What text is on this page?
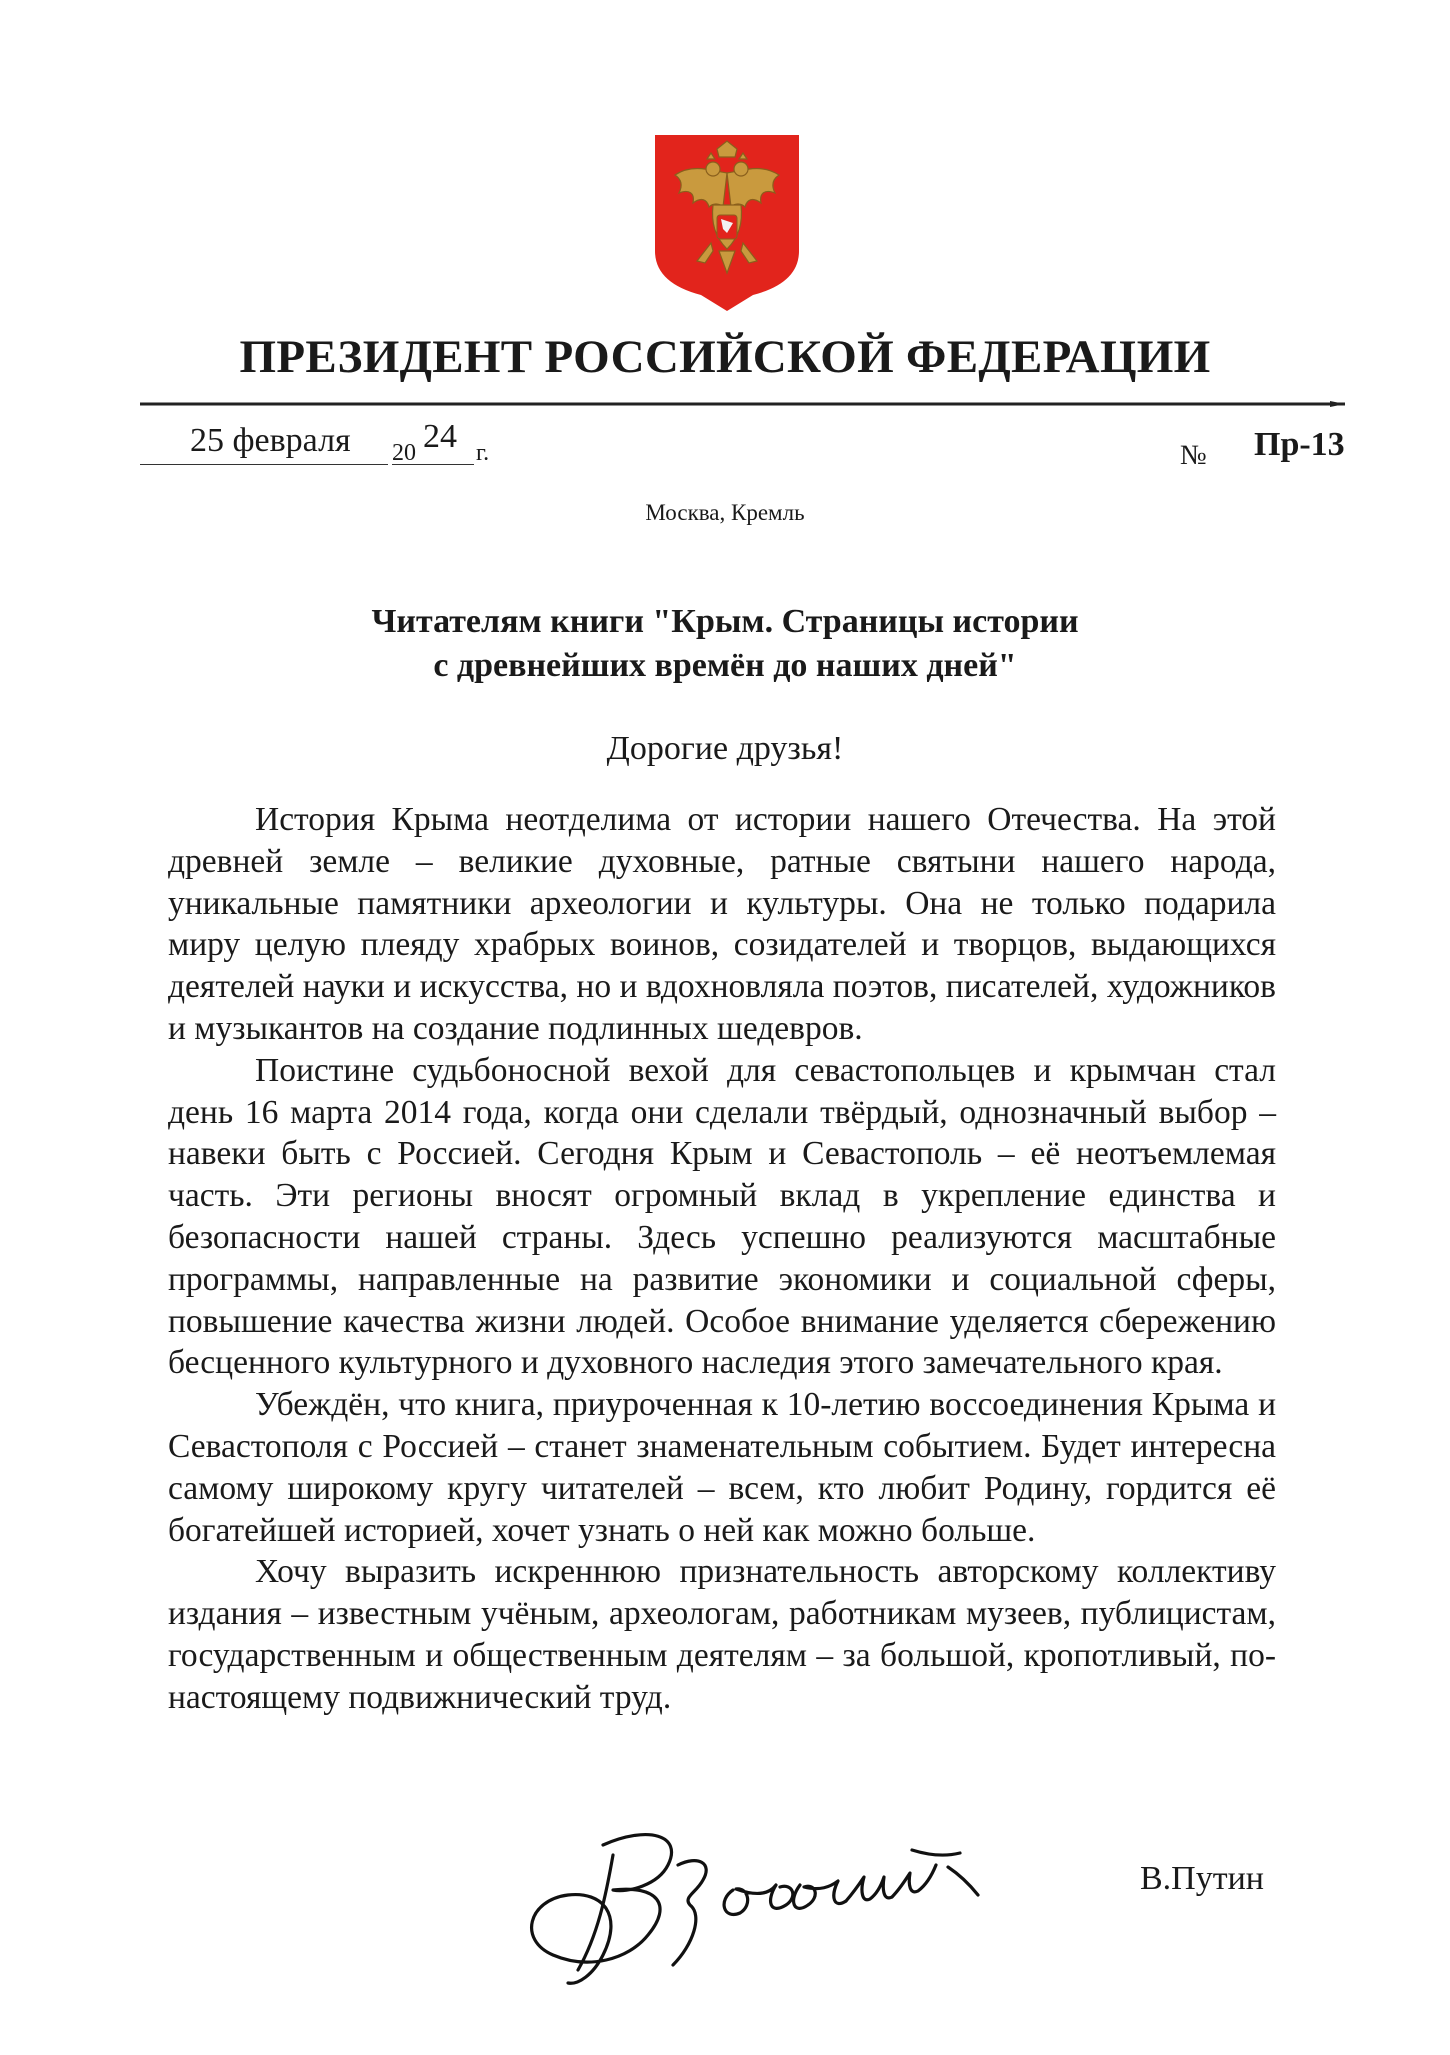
ПРЕЗИДЕНТ РОССИЙСКОЙ ФЕДЕРАЦИИ
25 февраля 20 24 г.	№ Пр-13
Москва, Кремль
Читателям книги "Крым. Страницы истории
с древнейших времён до наших дней"
Дорогие друзья!

История Крыма неотделима от истории нашего Отечества. На этой древней земле – великие духовные, ратные святыни нашего народа, уникальные памятники археологии и культуры. Она не только подарила миру целую плеяду храбрых воинов, созидателей и творцов, выдающихся деятелей науки и искусства, но и вдохновляла поэтов, писателей, художников и музыкантов на создание подлинных шедевров.

Поистине судьбоносной вехой для севастопольцев и крымчан стал день 16 марта 2014 года, когда они сделали твёрдый, однозначный выбор – навеки быть с Россией. Сегодня Крым и Севастополь – её неотъемлемая часть. Эти регионы вносят огромный вклад в укрепление единства и безопасности нашей страны. Здесь успешно реализуются масштабные программы, направленные на развитие экономики и социальной сферы, повышение качества жизни людей. Особое внимание уделяется сбережению бесценного культурного и духовного наследия этого замечательного края.

Убеждён, что книга, приуроченная к 10-летию воссоединения Крыма и Севастополя с Россией – станет знаменательным событием. Будет интересна самому широкому кругу читателей – всем, кто любит Родину, гордится её богатейшей историей, хочет узнать о ней как можно больше.

Хочу выразить искреннюю признательность авторскому коллективу издания – известным учёным, археологам, работникам музеев, публицистам, государственным и общественным деятелям – за большой, кропотливый, по-настоящему подвижнический труд.

В.Путин
